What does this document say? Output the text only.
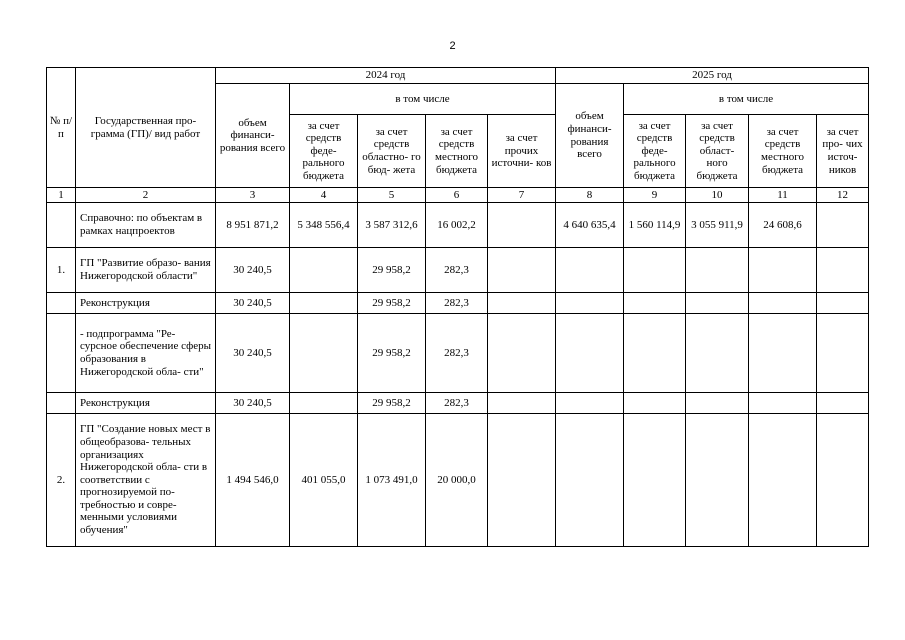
2
№ п/ п	Государственная про- грамма (ГП)/ вид работ	2024 год					2025 год				
		объем финанси- рования всего	в том числе				объем финанси- рования всего	в том числе			
			за счет средств феде- рального бюджета	за счет средств областно- го бюд- жета	за счет средств местного бюджета	за счет прочих источни- ков		за счет средств феде- рального бюджета	за счет средств област- ного бюджета	за счет средств местного бюджета	за счет про- чих источ- ников
1	2	3	4	5	6	7	8	9	10	11	12
	Справочно: по объектам в рамках нацпроектов	8 951 871,2	5 348 556,4	3 587 312,6	16 002,2		4 640 635,4	1 560 114,9	3 055 911,9	24 608,6	
1.	ГП "Развитие образо- вания Нижегородской области"	30 240,5		29 958,2	282,3						
	Реконструкция	30 240,5		29 958,2	282,3						
	- подпрограмма "Ре- сурсное обеспечение сферы образования в Нижегородской обла- сти"	30 240,5		29 958,2	282,3						
	Реконструкция	30 240,5		29 958,2	282,3						
2.	ГП "Создание новых мест в общеобразова- тельных организациях Нижегородской обла- сти в соответствии с прогнозируемой по- требностью и совре- менными условиями обучения"	1 494 546,0	401 055,0	1 073 491,0	20 000,0						
